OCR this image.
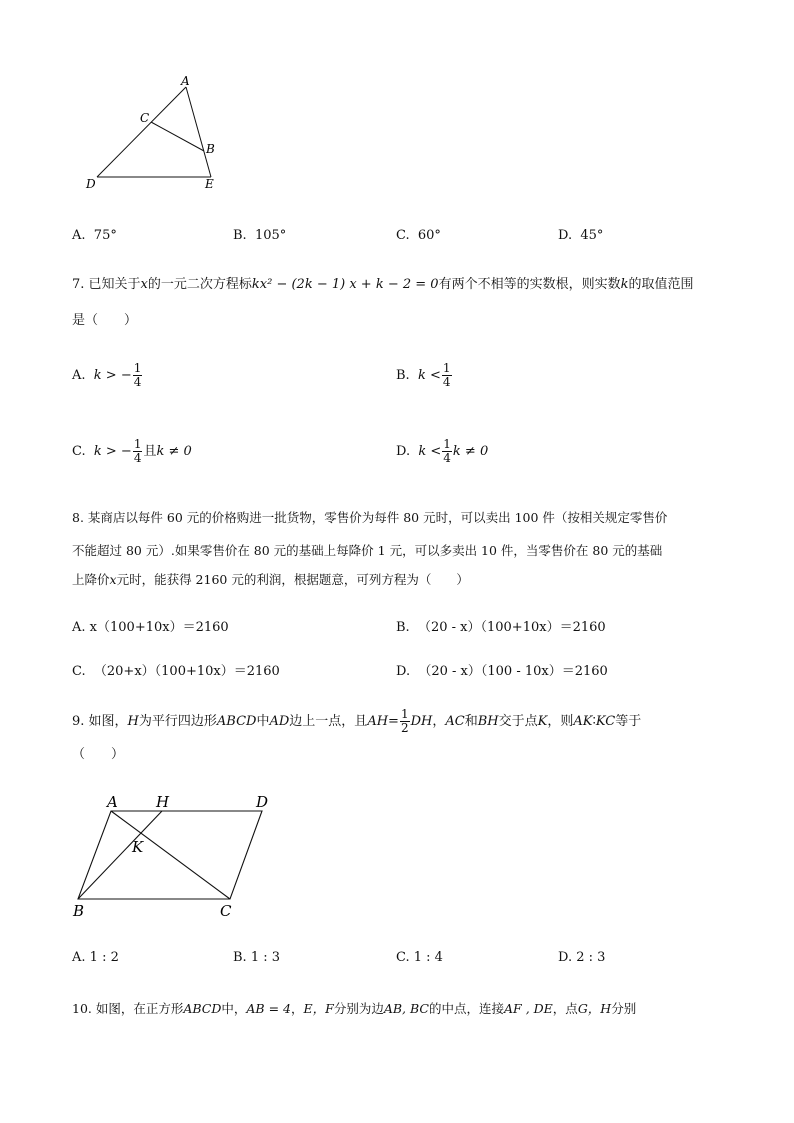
A
C
B
D	E
A. 75°	B. 105°	C. 60°	D. 45°
7. 已知关于x的一元二次方程标kx² − (2k − 1) x + k − 2 = 0有两个不相等的实数根，则实数k的取值范围
是（　　）
A. k > − $\frac{1}{4}$	B. $k < \frac{1}{4}$
C. k > − $\frac{1}{4}$ 且k ≠ 0	D. $k < \frac{1}{4}$ k ≠ 0
8. 某商店以每件 60 元的价格购进一批货物，零售价为每件 80 元时，可以卖出 100 件（按相关规定零售价
不能超过 80 元）.如果零售价在 80 元的基础上每降价 1 元，可以多卖出 10 件，当零售价在 80 元的基础
上降价x元时，能获得 2160 元的利润，根据题意，可列方程为（　　）
A. x（100+10x）＝2160	B. （20 - x）（100+10x）＝2160
C. （20+x）（100+10x）＝2160	D. （20 - x）（100 - 10x）＝2160
9. 如图，H为平行四边形ABCD中AD边上一点，且$AH= \frac{1}{2}$ DH，AC和BH交于点K，则AK∶KC等于
（　　）
A	H	D
K
B	C
A. 1 : 2	B. 1 : 3	C. 1 : 4	D. 2 : 3
10. 如图，在正方形ABCD中，AB = 4，E，F分别为边AB, BC的中点，连接AF , DE，点G，H分别
